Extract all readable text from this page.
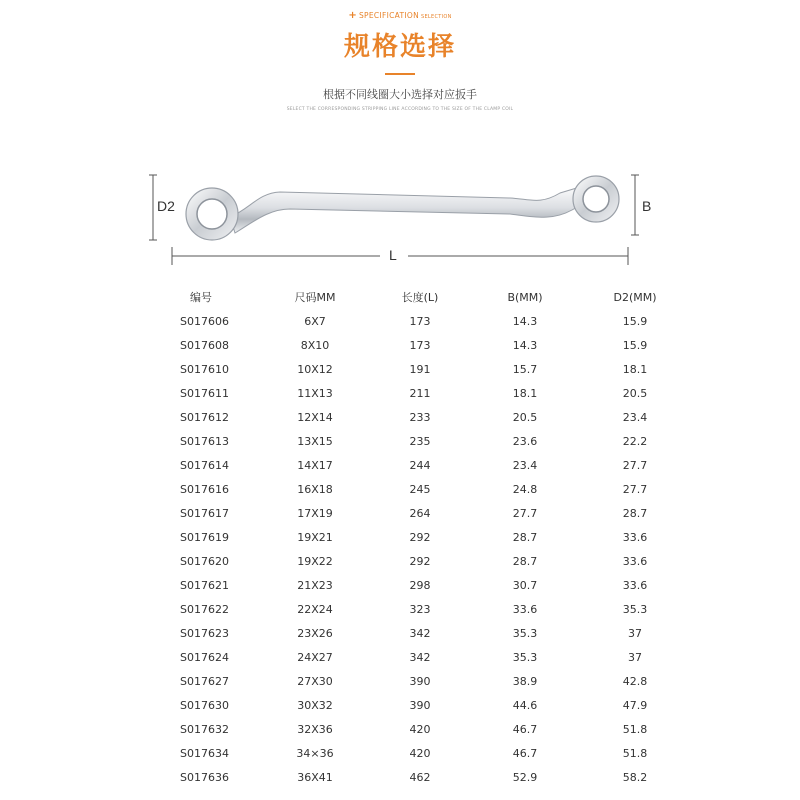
+ SPECIFICATION SELECTION
规格选择
根据不同线圈大小选择对应扳手
SELECT THE CORRESPONDING STRIPPING LINE ACCORDING TO THE SIZE OF THE CLAMP COIL
D2	B
L
编号	尺码MM	长度(L)	B(MM)	D2(MM)
S017606	6X7	173	14.3	15.9
S017608	8X10	173	14.3	15.9
S017610	10X12	191	15.7	18.1
S017611	11X13	211	18.1	20.5
S017612	12X14	233	20.5	23.4
S017613	13X15	235	23.6	22.2
S017614	14X17	244	23.4	27.7
S017616	16X18	245	24.8	27.7
S017617	17X19	264	27.7	28.7
S017619	19X21	292	28.7	33.6
S017620	19X22	292	28.7	33.6
S017621	21X23	298	30.7	33.6
S017622	22X24	323	33.6	35.3
S017623	23X26	342	35.3	37
S017624	24X27	342	35.3	37
S017627	27X30	390	38.9	42.8
S017630	30X32	390	44.6	47.9
S017632	32X36	420	46.7	51.8
S017634	34×36	420	46.7	51.8
S017636	36X41	462	52.9	58.2
